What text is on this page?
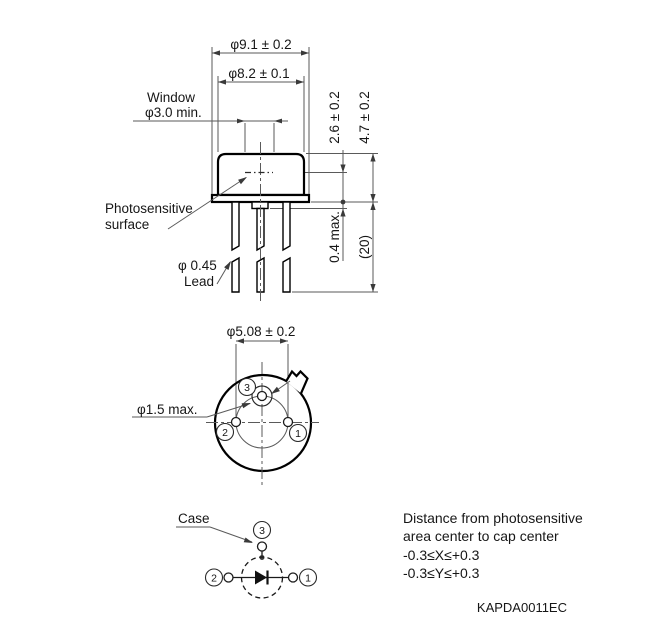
φ9.1 ± 0.2
φ8.2 ± 0.1
Window
φ3.0 min.	2.6 ± 0.2 4.7 ± 0.2
0.4 max. (20)
Photosensitive
surface
φ 0.45
Lead
3
2	1
φ5.08 ± 0.2
φ1.5 max.
Case
3
2	1
Distance from photosensitive
area center to cap center
-0.3≤X≤+0.3
-0.3≤Y≤+0.3
KAPDA0011EC
